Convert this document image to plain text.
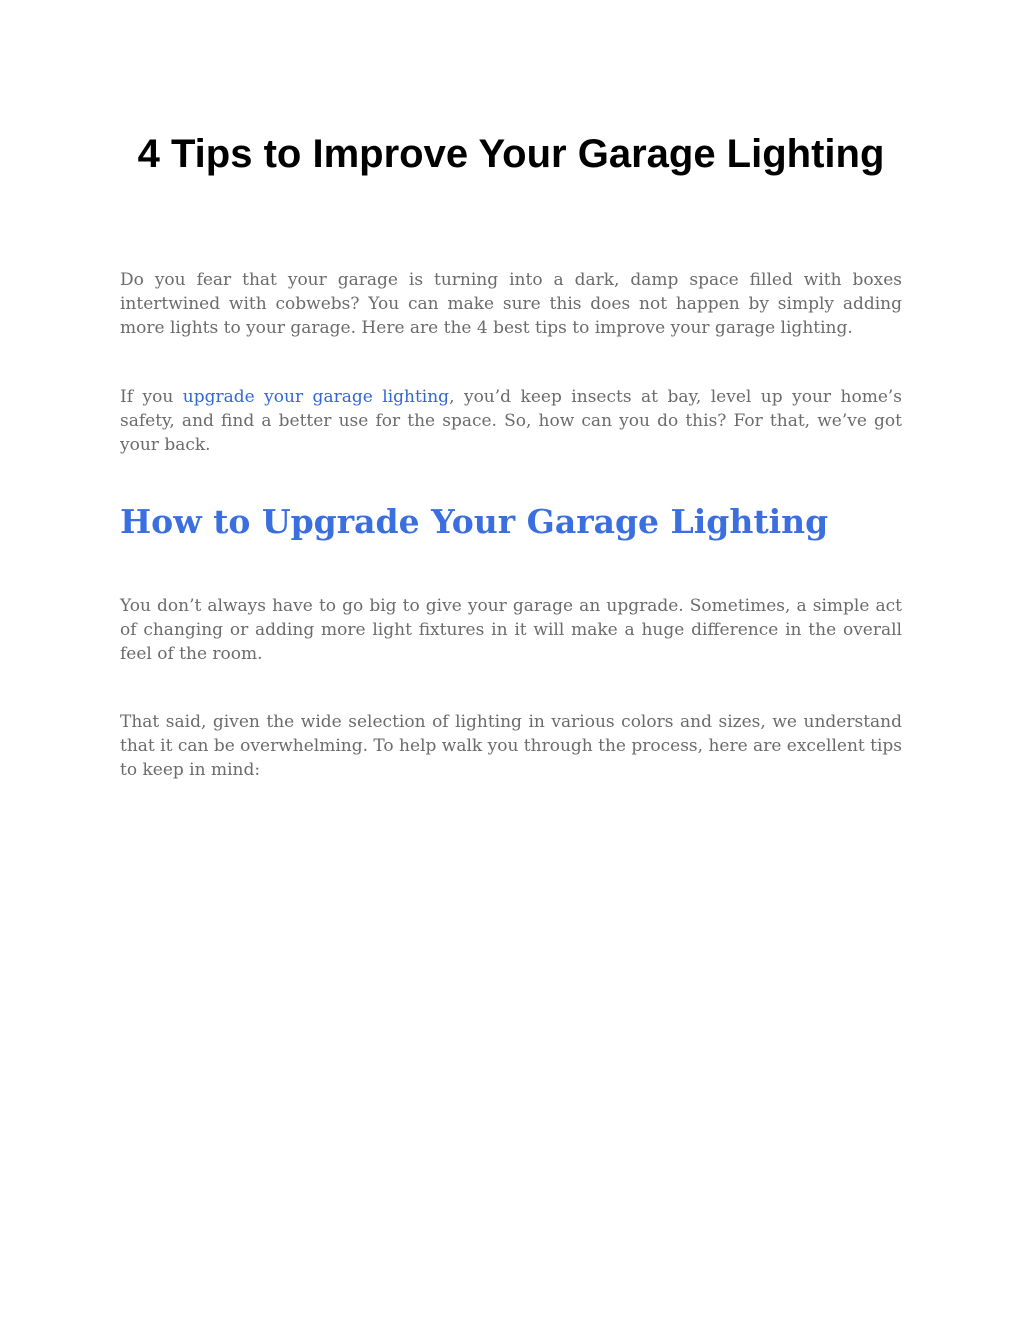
4 Tips to Improve Your Garage Lighting

Do you fear that your garage is turning into a dark, damp space filled with boxes intertwined with cobwebs? You can make sure this does not happen by simply adding more lights to your garage. Here are the 4 best tips to improve your garage lighting.

If you upgrade your garage lighting, you’d keep insects at bay, level up your home’s safety, and find a better use for the space. So, how can you do this? For that, we’ve got your back.

How to Upgrade Your Garage Lighting

You don’t always have to go big to give your garage an upgrade. Sometimes, a simple act of changing or adding more light fixtures in it will make a huge difference in the overall feel of the room.

That said, given the wide selection of lighting in various colors and sizes, we understand that it can be overwhelming. To help walk you through the process, here are excellent tips to keep in mind:
